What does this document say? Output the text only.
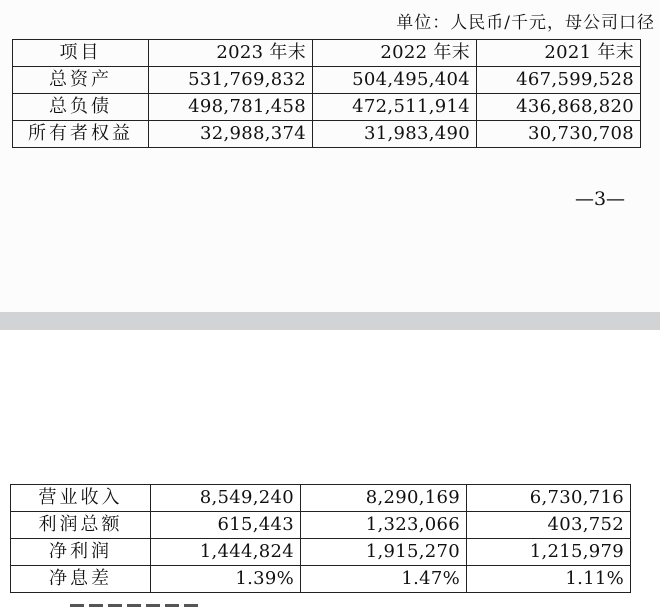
单位：人民币/千元，母公司口径
项目	2023 年末	2022 年末	2021 年末
总资产	531,769,832	504,495,404	467,599,528
总负债	498,781,458	472,511,914	436,868,820
所有者权益	32,988,374	31,983,490	30,730,708
—3—
营业收入	8,549,240	8,290,169	6,730,716
利润总额	615,443	1,323,066	403,752
净利润	1,444,824	1,915,270	1,215,979
净息差	1.39%	1.47%	1.11%
